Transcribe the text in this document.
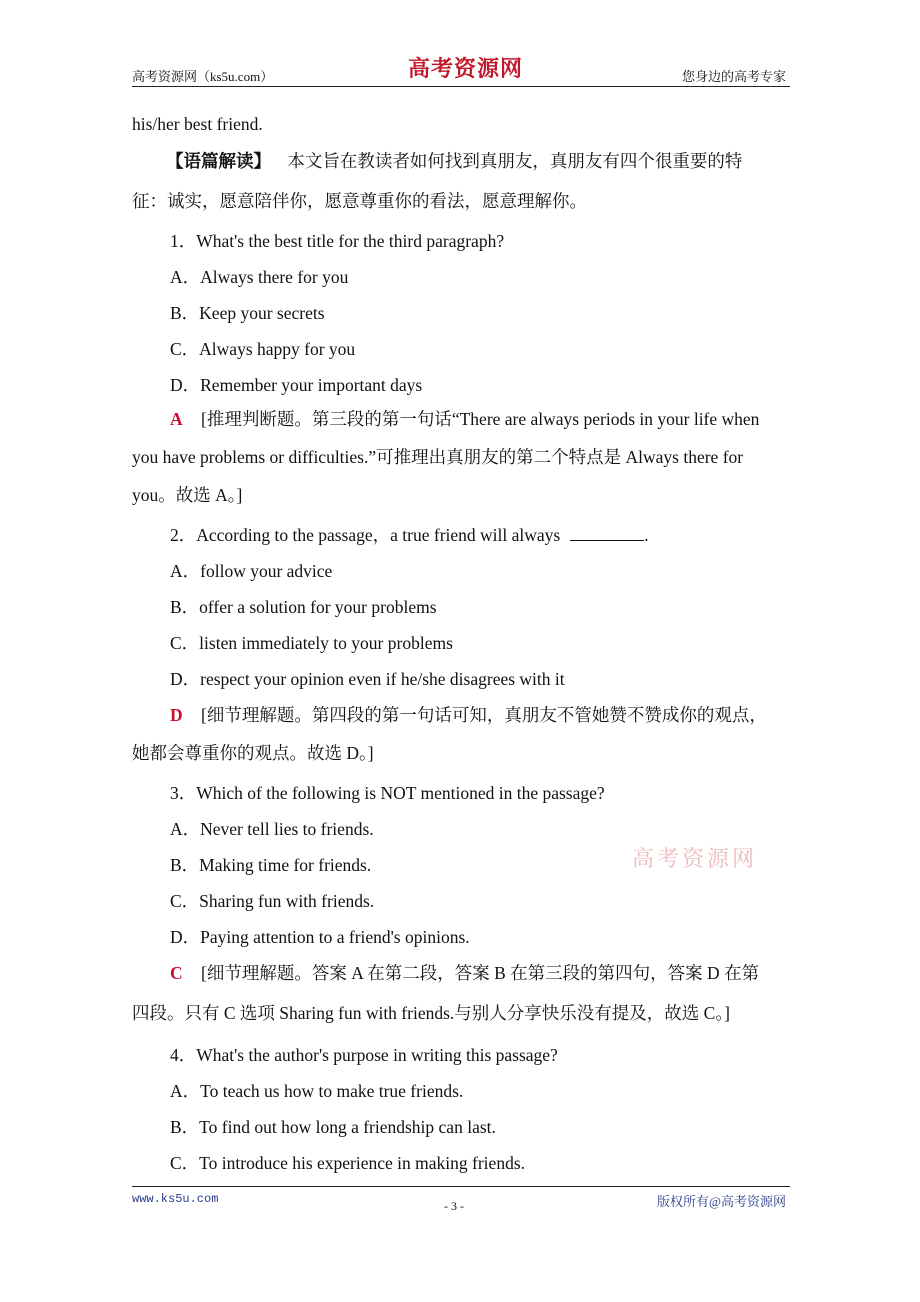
高考资源网（ks5u.com）	高考资源网	您身边的高考专家
his/her best friend.
【语篇解读】 本文旨在教读者如何找到真朋友，真朋友有四个很重要的特
征：诚实，愿意陪伴你，愿意尊重你的看法，愿意理解你。
1．What's the best title for the third paragraph?
A．Always there for you
B．Keep your secrets
C．Always happy for you
D．Remember your important days
A [推理判断题。第三段的第一句话“There are always periods in your life when
you have problems or difficulties.”可推理出真朋友的第二个特点是 Always there for
you。故选 A。]
2．According to the passage，a true friend will always	.
A．follow your advice
B．offer a solution for your problems
C．listen immediately to your problems
D．respect your opinion even if he/she disagrees with it
D [细节理解题。第四段的第一句话可知，真朋友不管她赞不赞成你的观点，
她都会尊重你的观点。故选 D。]
3．Which of the following is NOT mentioned in the passage?
A．Never tell lies to friends.
B．Making time for friends.
C．Sharing fun with friends.
D．Paying attention to a friend's opinions.
C [细节理解题。答案 A 在第二段，答案 B 在第三段的第四句，答案 D 在第
四段。只有 C 选项 Sharing fun with friends.与别人分享快乐没有提及，故选 C。]
4．What's the author's purpose in writing this passage?
A．To teach us how to make true friends.
B．To find out how long a friendship can last.
C．To introduce his experience in making friends.
高考资源网
www.ks5u.com	- 3 -	版权所有@高考资源网
